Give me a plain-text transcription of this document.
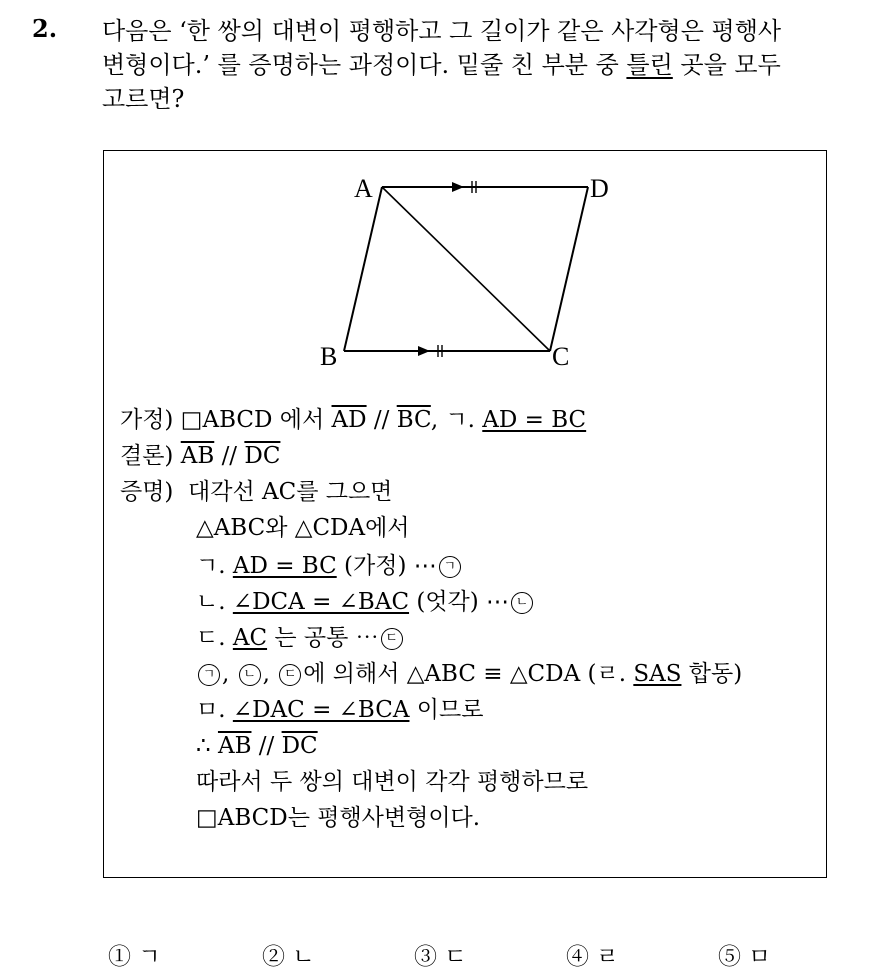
2. 다음은 ‘한 쌍의 대변이 평행하고 그 길이가 같은 사각형은 평행사
변형이다.’ 를 증명하는 과정이다. 밑줄 친 부분 중 틀린 곳을 모두
고르면?
A	D
B	C
가정) □ABCD 에서 $\overline{AD} // \overline{BC}$, ㄱ. AD = BC
결론) $\overline{AB} // \overline{DC}$
증명) 대각선 AC를 그으면
△ABC와 △CDA에서
ㄱ. AD = BC (가정) ⋯ ㄱ
ㄴ. ∠DCA = ∠BAC (엇각) ⋯ ㄴ
ㄷ. AC 는 공통 ⋯ ㄷ
ㄱ , ㄴ , ㄷ 에 의해서 △ABC ≡ △CDA (ㄹ. SAS 합동)
ㅁ. ∠DAC = ∠BCA 이므로
∴ $\overline{AB} // \overline{DC}$
따라서 두 쌍의 대변이 각각 평행하므로
□ABCD는 평행사변형이다.
① ㄱ	② ㄴ	③ ㄷ	④ ㄹ	⑤ ㅁ
